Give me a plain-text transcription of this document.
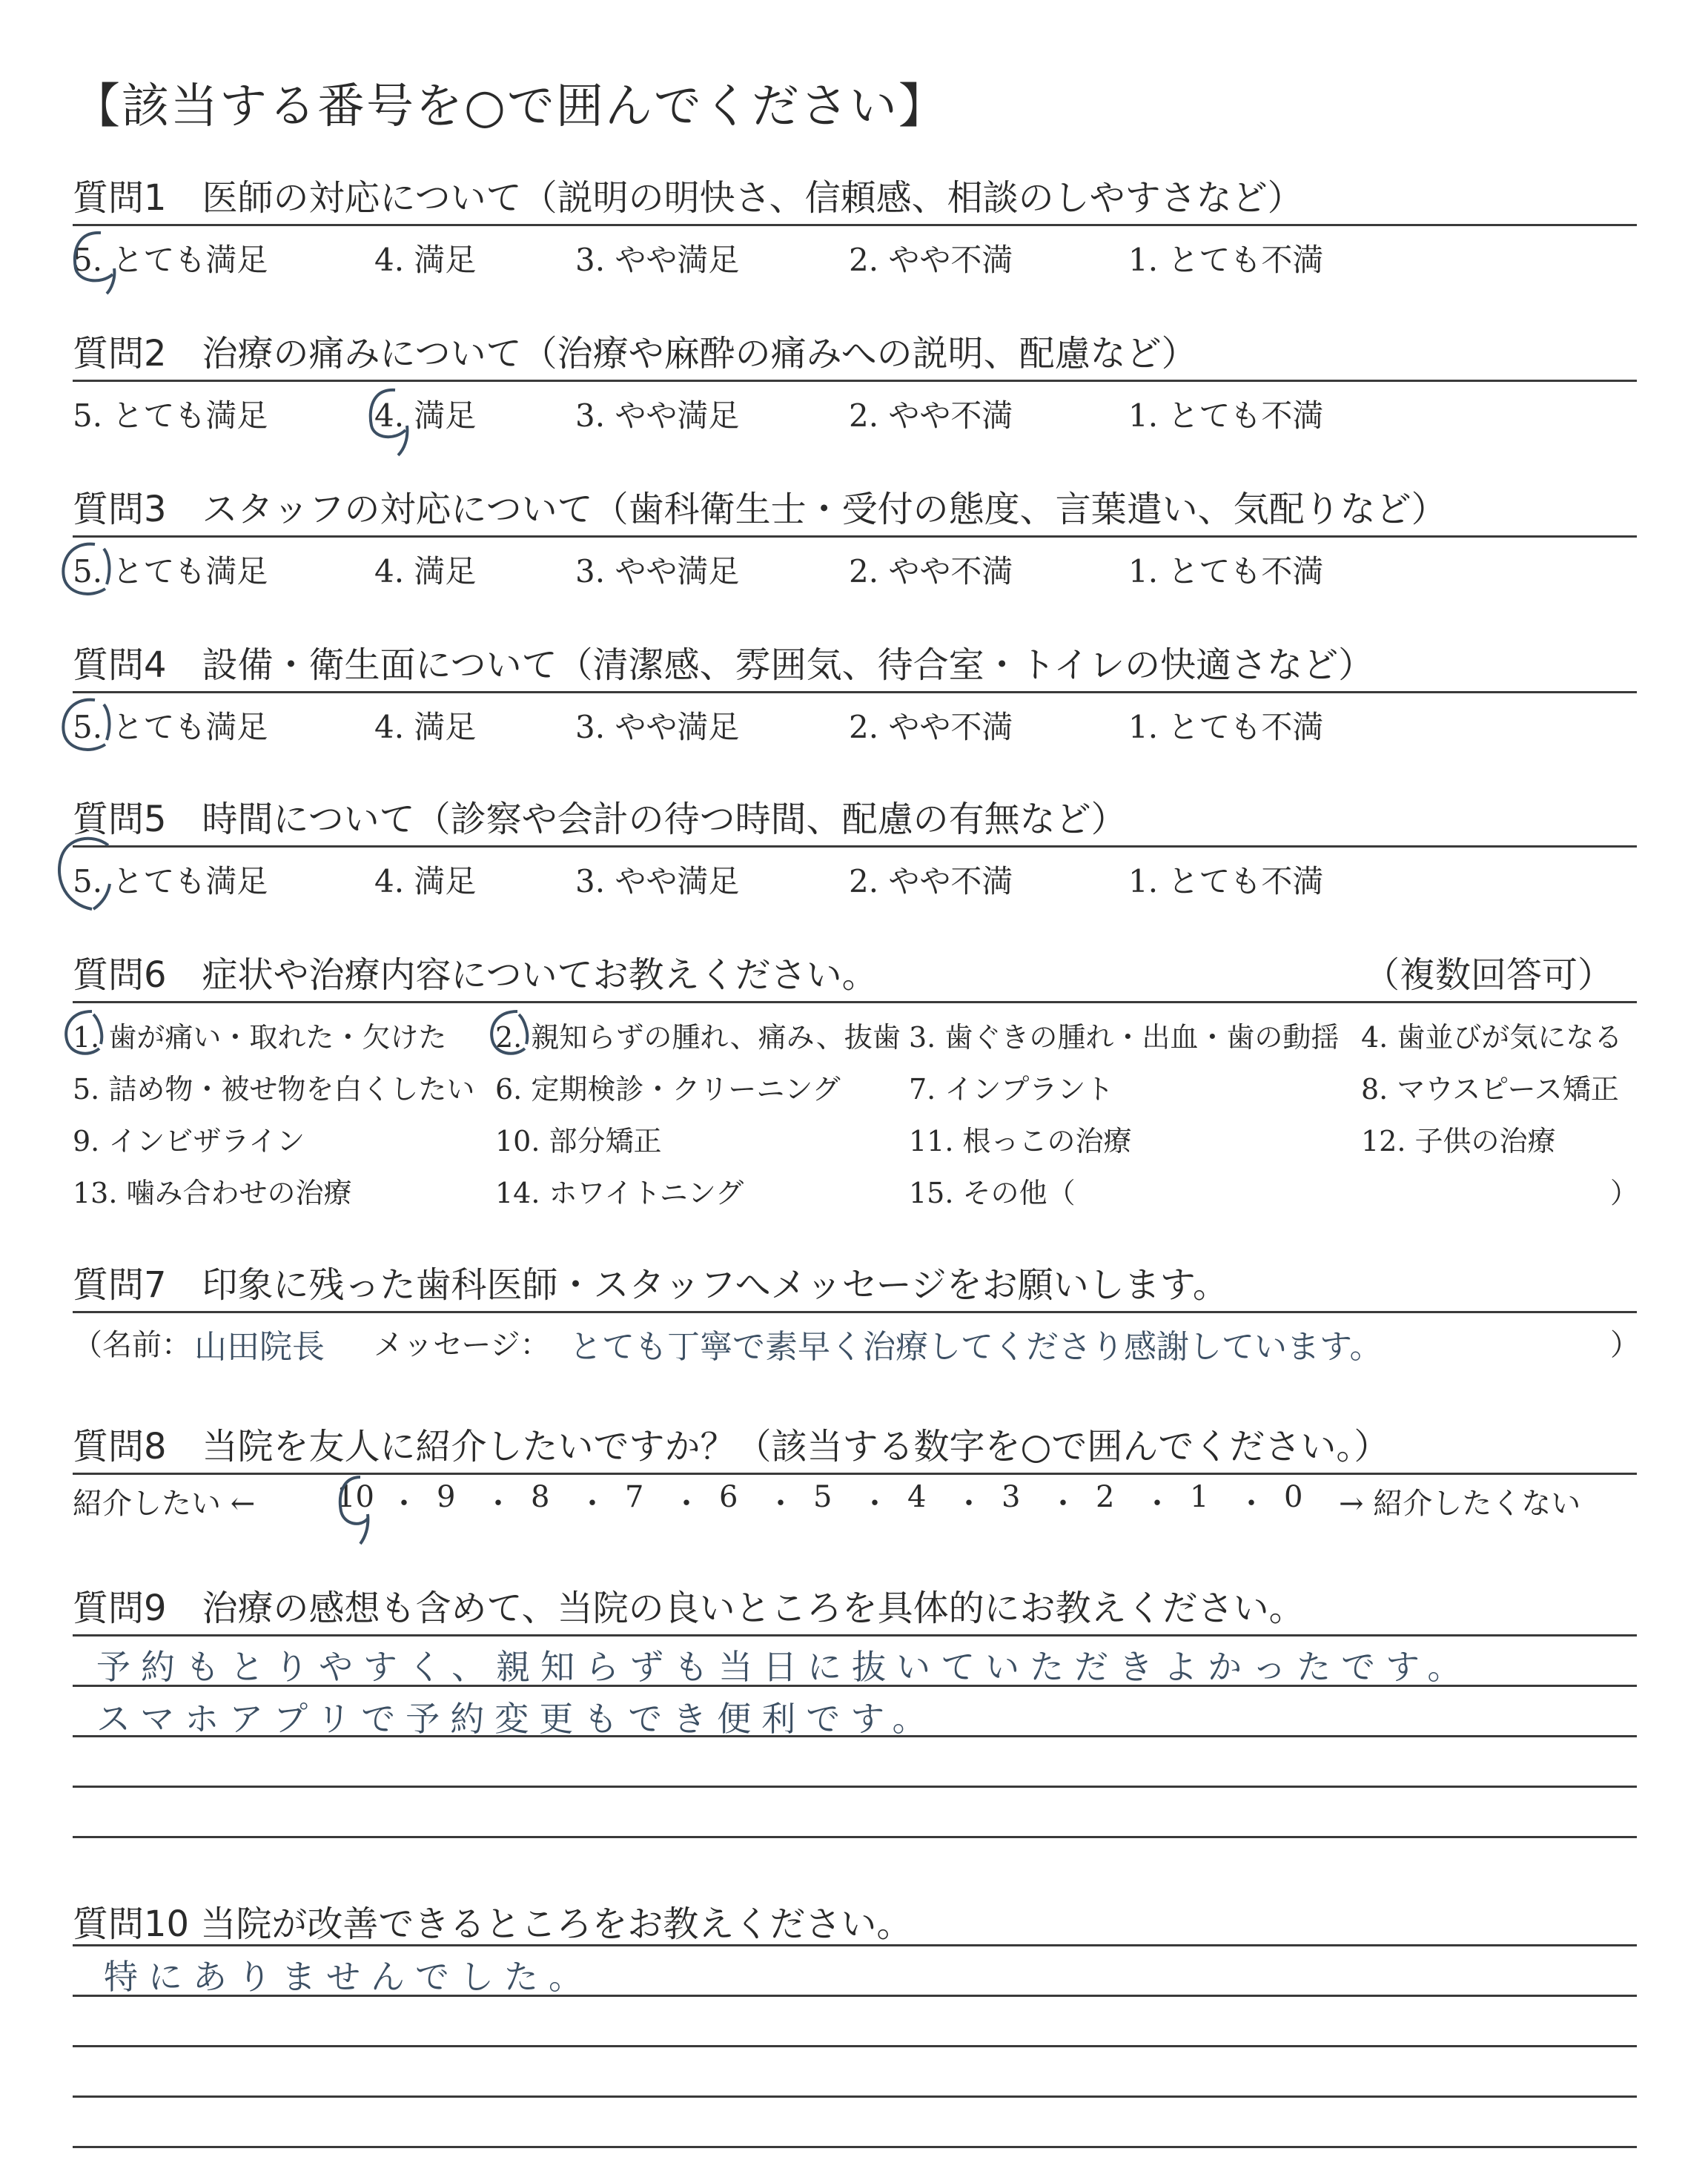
【該当する番号を○で囲んでください】
質問1　医師の対応について（説明の明快さ、信頼感、相談のしやすさなど）
5. とても満足	4. 満足	3. やや満足	2. やや不満	1. とても不満
質問2　治療の痛みについて（治療や麻酔の痛みへの説明、配慮など）
5. とても満足	4. 満足	3. やや満足	2. やや不満	1. とても不満
質問3　スタッフの対応について（歯科衛生士・受付の態度、言葉遣い、気配りなど）
5. とても満足	4. 満足	3. やや満足	2. やや不満	1. とても不満
質問4　設備・衛生面について（清潔感、雰囲気、待合室・トイレの快適さなど）
5. とても満足	4. 満足	3. やや満足	2. やや不満	1. とても不満
質問5　時間について（診察や会計の待つ時間、配慮の有無など）
5. とても満足	4. 満足	3. やや満足	2. やや不満	1. とても不満
質問6　症状や治療内容についてお教えください。	（複数回答可）
1. 歯が痛い・取れた・欠けた 2. 親知らずの腫れ、痛み、抜歯 3. 歯ぐきの腫れ・出血・歯の動揺 4. 歯並びが気になる
5. 詰め物・被せ物を白くしたい 6. 定期検診・クリーニング 7. インプラント	8. マウスピース矯正
9. インビザライン	10. 部分矯正	11. 根っこの治療	12. 子供の治療
13. 噛み合わせの治療	14. ホワイトニング	15. その他（	）
質問7　印象に残った歯科医師・スタッフへメッセージをお願いします。
（名前： 山田院長 メッセージ： とても丁寧で素早く治療してくださり感謝しています。	）
質問8　当院を友人に紹介したいですか？（該当する数字を○で囲んでください。）
紹介したい ←	10 ・ 9 ・ 8 ・ 7 ・ 6 ・ 5 ・ 4 ・ 3 ・ 2 ・ 1 ・ 0 → 紹介したくない
質問9　治療の感想も含めて、当院の良いところを具体的にお教えください。
予約もとりやすく、親知らずも当日に抜いていただきよかったです。
スマホアプリで予約変更もでき便利です。
質問10 当院が改善できるところをお教えください。
特にありませんでした。
